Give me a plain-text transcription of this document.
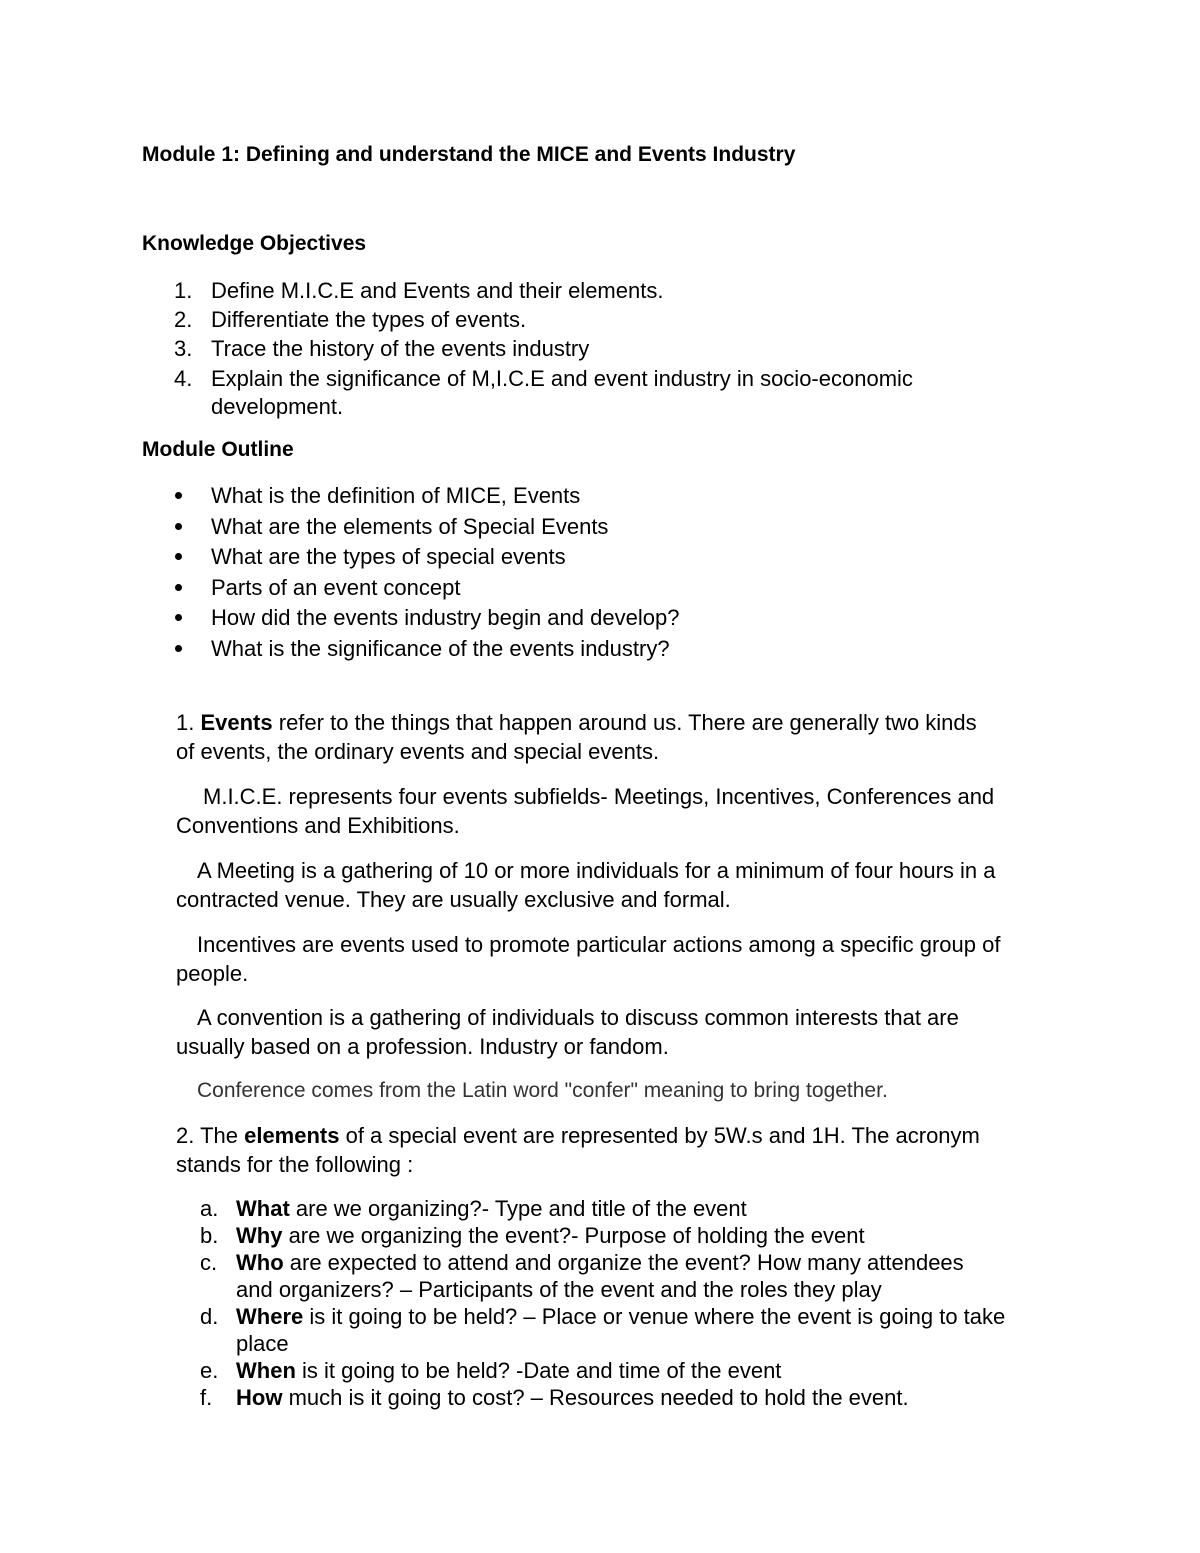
Module 1: Defining and understand the MICE and Events Industry
Knowledge Objectives
1. Define M.I.C.E and Events and their elements.
2. Differentiate the types of events.
3. Trace the history of the events industry
4. Explain the significance of M,I.C.E and event industry in socio-economic
development.
Module Outline
What is the definition of MICE, Events
What are the elements of Special Events
What are the types of special events
Parts of an event concept
How did the events industry begin and develop?
What is the significance of the events industry?
1. Events refer to the things that happen around us. There are generally two kinds
of events, the ordinary events and special events.
M.I.C.E. represents four events subfields- Meetings, Incentives, Conferences and
Conventions and Exhibitions.
A Meeting is a gathering of 10 or more individuals for a minimum of four hours in a
contracted venue. They are usually exclusive and formal.
Incentives are events used to promote particular actions among a specific group of
people.
A convention is a gathering of individuals to discuss common interests that are
usually based on a profession. Industry or fandom.
Conference comes from the Latin word "confer" meaning to bring together.
2. The elements of a special event are represented by 5W.s and 1H. The acronym
stands for the following :
a. What are we organizing?- Type and title of the event
b. Why are we organizing the event?- Purpose of holding the event
c. Who are expected to attend and organize the event? How many attendees
and organizers? – Participants of the event and the roles they play
d. Where is it going to be held? – Place or venue where the event is going to take
place
e. When is it going to be held? -Date and time of the event
f. How much is it going to cost? – Resources needed to hold the event.
